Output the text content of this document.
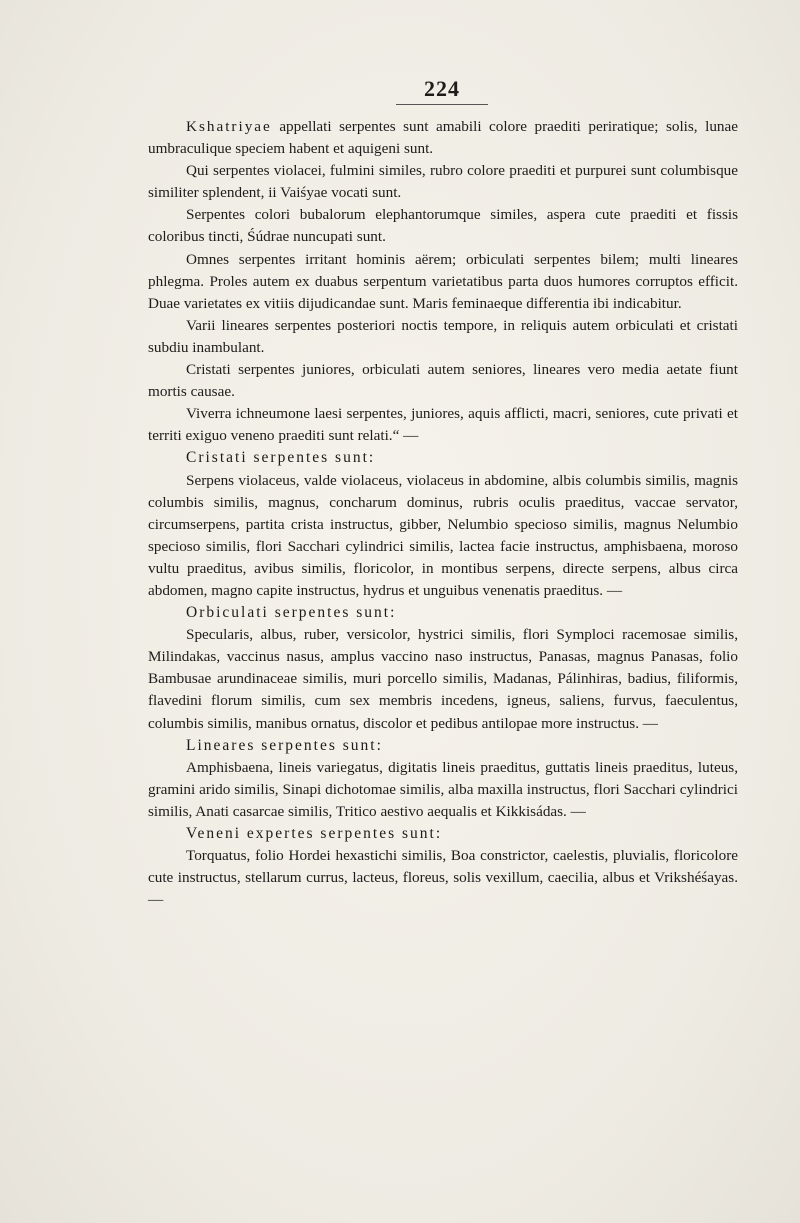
224

Kshatriyae appellati serpentes sunt amabili colore praediti periratique; solis, lunae umbraculique speciem habent et aquigeni sunt.

Qui serpentes violacei, fulmini similes, rubro colore praediti et purpurei sunt columbisque similiter splendent, ii Vaiśyae vocati sunt.

Serpentes colori bubalorum elephantorumque similes, aspera cute praediti et fissis coloribus tincti, Śúdrae nuncupati sunt.

Omnes serpentes irritant hominis aërem; orbiculati serpentes bilem; multi lineares phlegma. Proles autem ex duabus serpentum varietatibus parta duos humores corruptos efficit. Duae varietates ex vitiis dijudicandae sunt. Maris feminaeque differentia ibi indicabitur.

Varii lineares serpentes posteriori noctis tempore, in reliquis autem orbiculati et cristati subdiu inambulant.

Cristati serpentes juniores, orbiculati autem seniores, lineares vero media aetate fiunt mortis causae.

Viverra ichneumone laesi serpentes, juniores, aquis afflicti, macri, seniores, cute privati et territi exiguo veneno praediti sunt relati.“ —

Cristati serpentes sunt:

Serpens violaceus, valde violaceus, violaceus in abdomine, albis columbis similis, magnis columbis similis, magnus, concharum dominus, rubris oculis praeditus, vaccae servator, circumserpens, partita crista instructus, gibber, Nelumbio specioso similis, magnus Nelumbio specioso similis, flori Sacchari cylindrici similis, lactea facie instructus, amphisbaena, moroso vultu praeditus, avibus similis, floricolor, in montibus serpens, directe serpens, albus circa abdomen, magno capite instructus, hydrus et unguibus venenatis praeditus. —

Orbiculati serpentes sunt:

Specularis, albus, ruber, versicolor, hystrici similis, flori Symploci racemosae similis, Milindakas, vaccinus nasus, amplus vaccino naso instructus, Panasas, magnus Panasas, folio Bambusae arundinaceae similis, muri porcello similis, Madanas, Pálinhiras, badius, filiformis, flavedini florum similis, cum sex membris incedens, igneus, saliens, furvus, faeculentus, columbis similis, manibus ornatus, discolor et pedibus antilopae more instructus. —

Lineares serpentes sunt:

Amphisbaena, lineis variegatus, digitatis lineis praeditus, guttatis lineis praeditus, luteus, gramini arido similis, Sinapi dichotomae similis, alba maxilla instructus, flori Sacchari cylindrici similis, Anati casarcae similis, Tritico aestivo aequalis et Kikkisádas. —

Veneni expertes serpentes sunt:

Torquatus, folio Hordei hexastichi similis, Boa constrictor, caelestis, pluvialis, floricolore cute instructus, stellarum currus, lacteus, floreus, solis vexillum, caecilia, albus et Vrikshéśayas. —
